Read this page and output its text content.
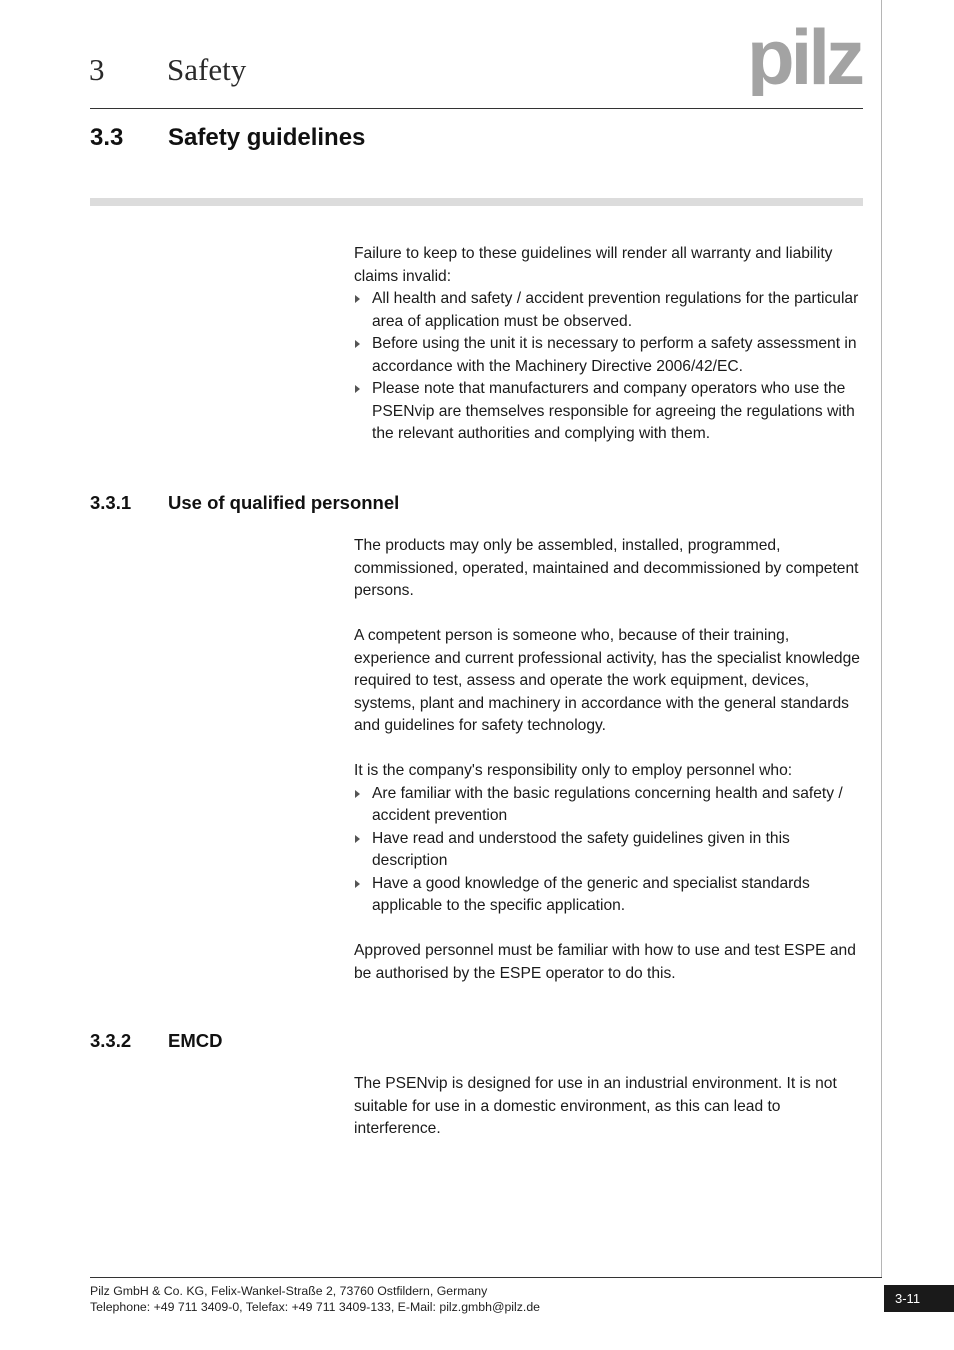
3 Safety	pilz
3.3 Safety guidelines

Failure to keep to these guidelines will render all warranty and liability claims invalid:

All health and safety / accident prevention regulations for the particular area of application must be observed.
Before using the unit it is necessary to perform a safety assessment in accordance with the Machinery Directive 2006/42/EC.
Please note that manufacturers and company operators who use the PSENvip are themselves responsible for agreeing the regulations with the relevant authorities and complying with them.
3.3.1 Use of qualified personnel

The products may only be assembled, installed, programmed, commissioned, operated, maintained and decommissioned by competent persons.

A competent person is someone who, because of their training, experience and current professional activity, has the specialist knowledge required to test, assess and operate the work equipment, devices, systems, plant and machinery in accordance with the general standards and guidelines for safety technology.

It is the company's responsibility only to employ personnel who:

Are familiar with the basic regulations concerning health and safety / accident prevention
Have read and understood the safety guidelines given in this description
Have a good knowledge of the generic and specialist standards applicable to the specific application.

Approved personnel must be familiar with how to use and test ESPE and be authorised by the ESPE operator to do this.

3.3.2 EMCD

The PSENvip is designed for use in an industrial environment. It is not suitable for use in a domestic environment, as this can lead to interference.

Pilz GmbH & Co. KG, Felix-Wankel-Straße 2, 73760 Ostfildern, Germany
Telephone: +49 711 3409-0, Telefax: +49 711 3409-133, E-Mail: pilz.gmbh@pilz.de
3-11
